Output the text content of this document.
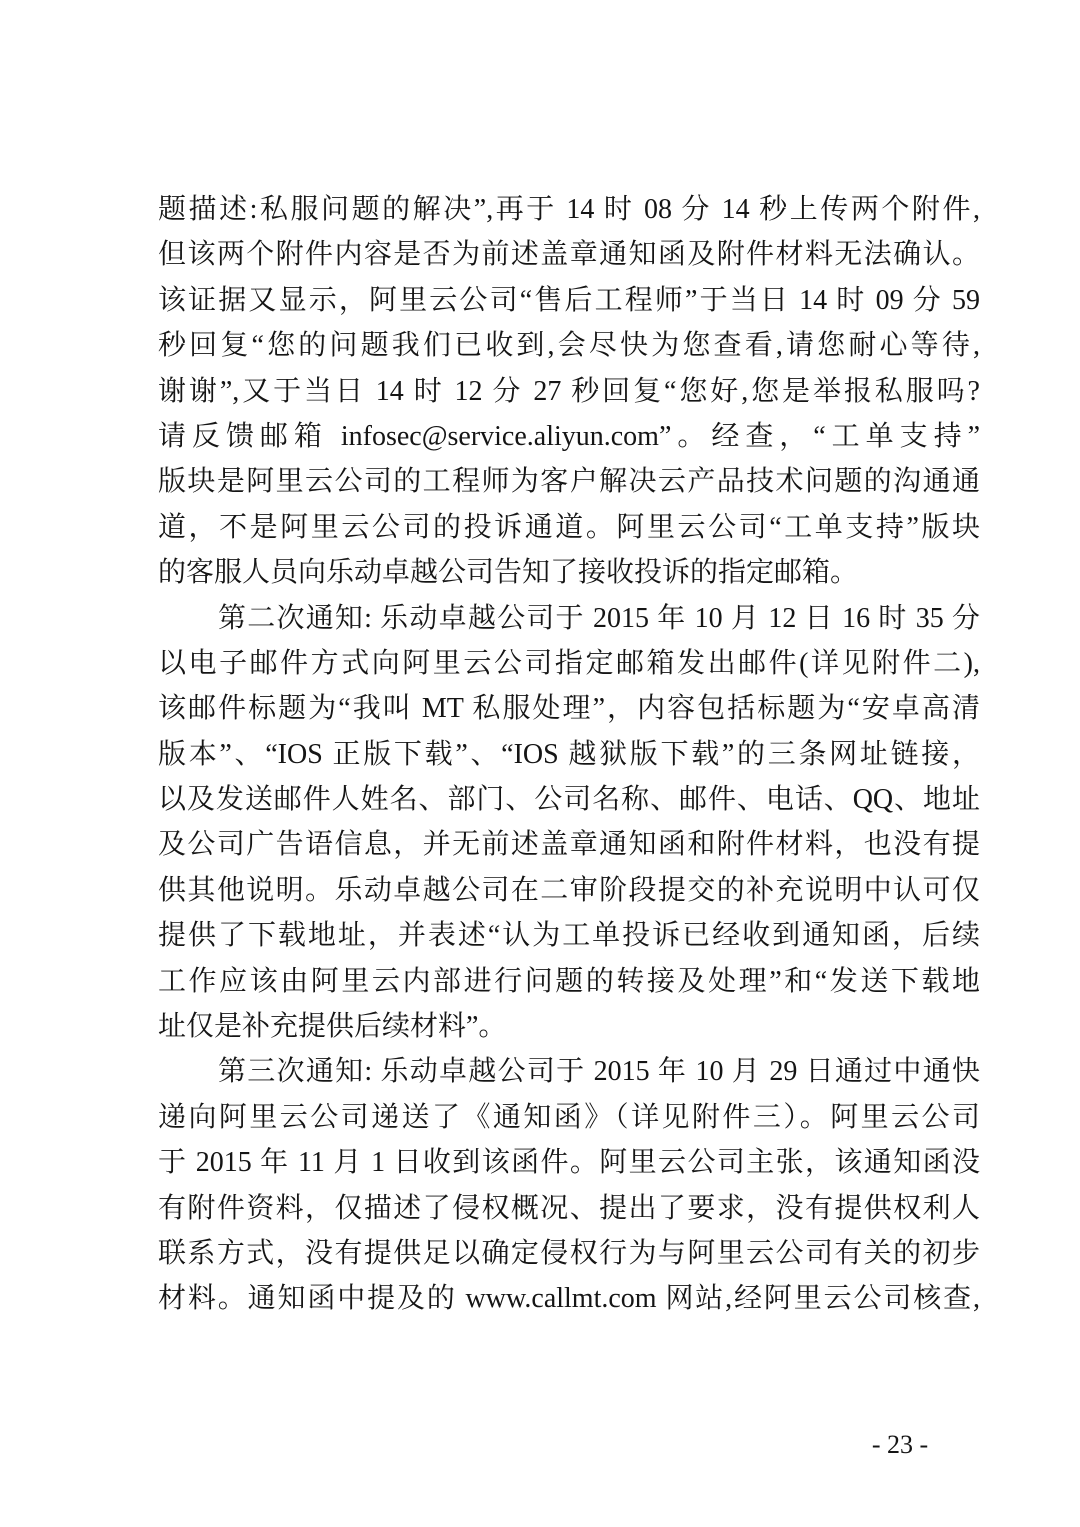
题描述:私服问题的解决”,再于 14 时 08 分 14 秒上传两个附件,
但该两个附件内容是否为前述盖章通知函及附件材料无法确认。
该证据又显示，阿里云公司“售后工程师”于当日 14 时 09 分 59
秒回复“您的问题我们已收到,会尽快为您查看,请您耐心等待,
谢谢”,又于当日 14 时 12 分 27 秒回复“您好,您是举报私服吗?
请反馈邮箱 infosec@service.aliyun.com”。经查，“工单支持”
版块是阿里云公司的工程师为客户解决云产品技术问题的沟通通
道，不是阿里云公司的投诉通道。阿里云公司“工单支持”版块
的客服人员向乐动卓越公司告知了接收投诉的指定邮箱。
第二次通知: 乐动卓越公司于 2015 年 10 月 12 日 16 时 35 分
以电子邮件方式向阿里云公司指定邮箱发出邮件(详见附件二),
该邮件标题为“我叫 MT 私服处理”，内容包括标题为“安卓高清
版本”、“IOS 正版下载”、“IOS 越狱版下载”的三条网址链接，
以及发送邮件人姓名、部门、公司名称、邮件、电话、QQ、地址
及公司广告语信息，并无前述盖章通知函和附件材料，也没有提
供其他说明。乐动卓越公司在二审阶段提交的补充说明中认可仅
提供了下载地址，并表述“认为工单投诉已经收到通知函，后续
工作应该由阿里云内部进行问题的转接及处理”和“发送下载地
址仅是补充提供后续材料”。
第三次通知: 乐动卓越公司于 2015 年 10 月 29 日通过中通快
递向阿里云公司递送了《通知函》（详见附件三）。阿里云公司
于 2015 年 11 月 1 日收到该函件。阿里云公司主张，该通知函没
有附件资料，仅描述了侵权概况、提出了要求，没有提供权利人
联系方式，没有提供足以确定侵权行为与阿里云公司有关的初步
材料。通知函中提及的 www.callmt.com 网站,经阿里云公司核查,
- 23 -
